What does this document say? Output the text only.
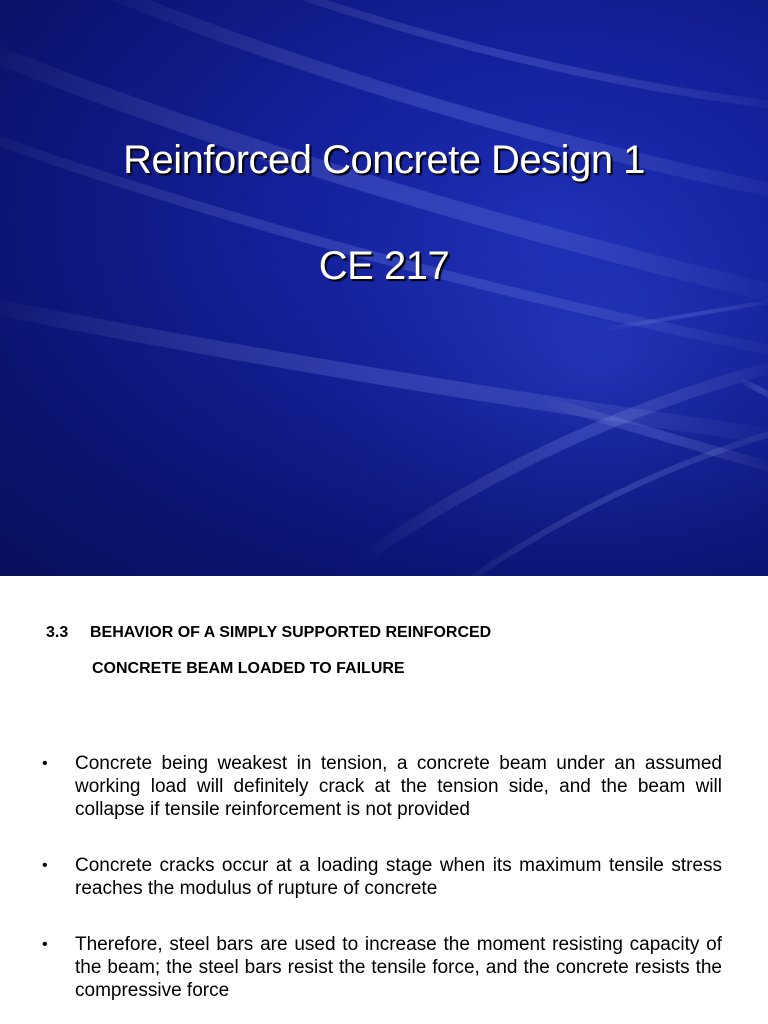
Reinforced Concrete Design 1
CE 217
3.3 BEHAVIOR OF A SIMPLY SUPPORTED REINFORCED
CONCRETE BEAM LOADED TO FAILURE
•	Concrete being weakest in tension, a concrete beam under an assumed working load will definitely crack at the tension side, and the beam will collapse if tensile reinforcement is not provided
•	Concrete cracks occur at a loading stage when its maximum tensile stress reaches the modulus of rupture of concrete
•	Therefore, steel bars are used to increase the moment resisting capacity of the beam; the steel bars resist the tensile force, and the concrete resists the compressive force
